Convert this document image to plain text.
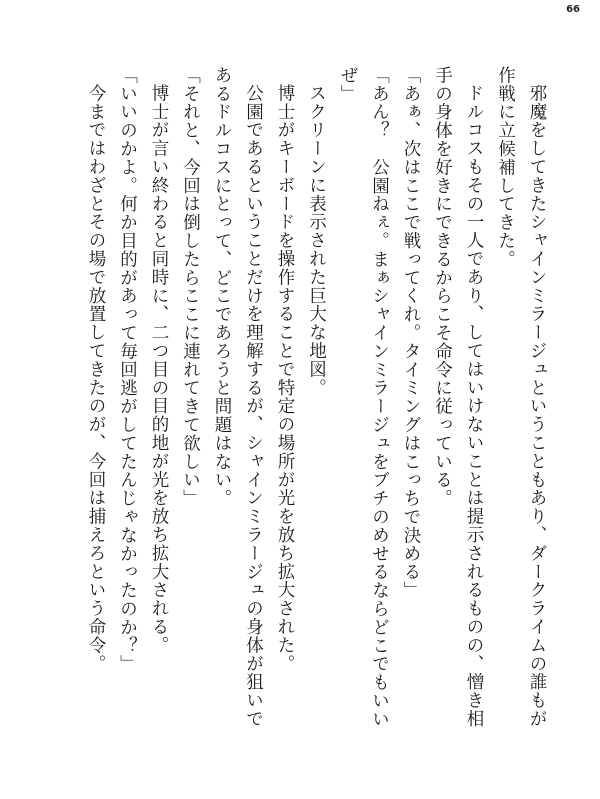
66

邪魔をしてきたシャインミラージュということもあり、ダークライムの誰もが

作戦に立候補してきた。

ドルコスもその一人であり、してはいけないことは提示されるものの、憎き相

手の身体を好きにできるからこそ命令に従っている。

「あぁ、次はここで戦ってくれ。タイミングはこっちで決める」

「あん？　公園ねぇ。まぁシャインミラージュをブチのめせるならどこでもいい

ぜ」

スクリーンに表示された巨大な地図。

博士がキーボードを操作することで特定の場所が光を放ち拡大された。

公園であるということだけを理解するが、シャインミラージュの身体が狙いで

あるドルコスにとって、どこであろうと問題はない。

「それと、今回は倒したらここに連れてきて欲しい」

博士が言い終わると同時に、二つ目の目的地が光を放ち拡大される。

「いいのかよ。何か目的があって毎回逃がしてたんじゃなかったのか？」

今まではわざとその場で放置してきたのが、今回は捕えろという命令。
